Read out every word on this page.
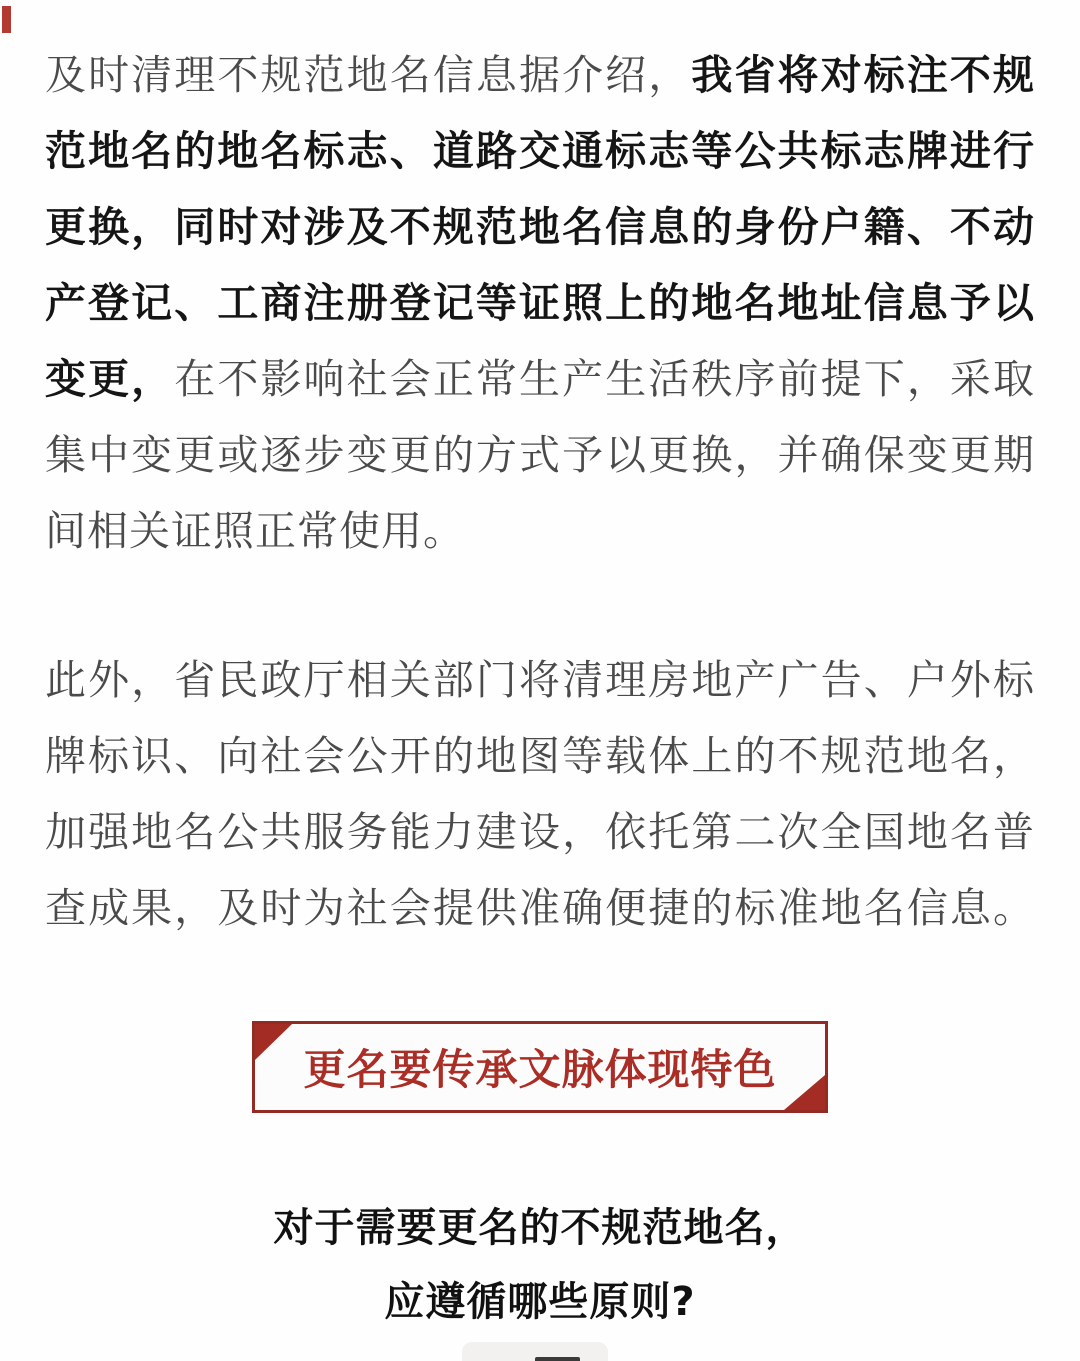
及时清理不规范地名信息据介绍，我省将对标注不规
范地名的地名标志、道路交通标志等公共标志牌进行
更换，同时对涉及不规范地名信息的身份户籍、不动
产登记、工商注册登记等证照上的地名地址信息予以
变更，在不影响社会正常生产生活秩序前提下，采取
集中变更或逐步变更的方式予以更换，并确保变更期
间相关证照正常使用。
此外，省民政厅相关部门将清理房地产广告、户外标
牌标识、向社会公开的地图等载体上的不规范地名，
加强地名公共服务能力建设，依托第二次全国地名普
查成果，及时为社会提供准确便捷的标准地名信息。
更名要传承文脉体现特色
对于需要更名的不规范地名，
应遵循哪些原则?
